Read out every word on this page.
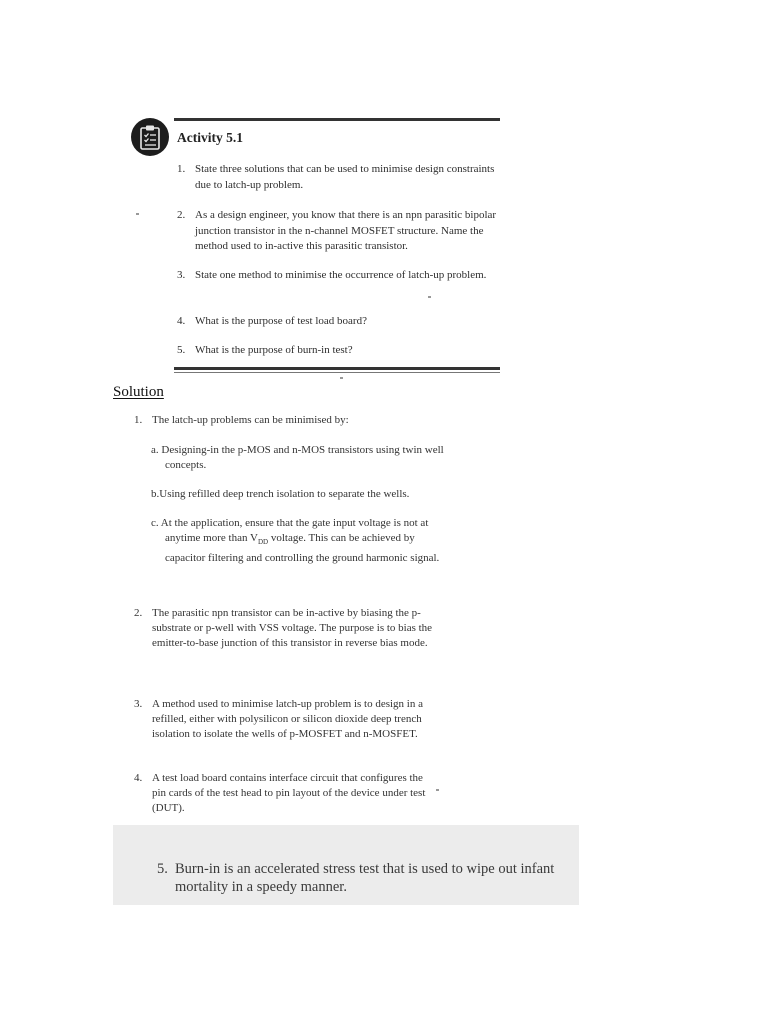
Activity 5.1
1. State three solutions that can be used to minimise design constraints due to latch-up problem.
2. As a design engineer, you know that there is an npn parasitic bipolar junction transistor in the n-channel MOSFET structure. Name the method used to in-active this parasitic transistor.
3. State one method to minimise the occurrence of latch-up problem.
4. What is the purpose of test load board?
5. What is the purpose of burn-in test?
Solution
1. The latch-up problems can be minimised by:
a. Designing-in the p-MOS and n-MOS transistors using twin well concepts.
b.Using refilled deep trench isolation to separate the wells.
c. At the application, ensure that the gate input voltage is not at anytime more than $V_{DD}$ voltage. This can be achieved by capacitor filtering and controlling the ground harmonic signal.
2. The parasitic npn transistor can be in-active by biasing the p-substrate or p-well with VSS voltage. The purpose is to bias the emitter-to-base junction of this transistor in reverse bias mode.
3. A method used to minimise latch-up problem is to design in a refilled, either with polysilicon or silicon dioxide deep trench isolation to isolate the wells of p-MOSFET and n-MOSFET.
4. A test load board contains interface circuit that configures the pin cards of the test head to pin layout of the device under test (DUT).
5. Burn-in is an accelerated stress test that is used to wipe out infant mortality in a speedy manner.
